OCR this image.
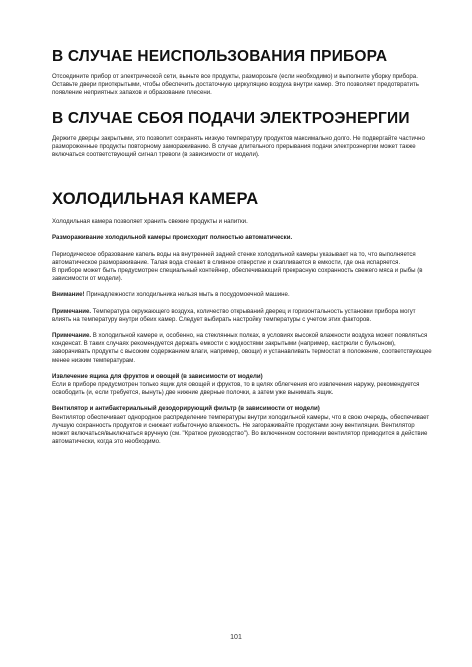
В СЛУЧАЕ НЕИСПОЛЬЗОВАНИЯ ПРИБОРА

Отсоедините прибор от электрической сети, выньте все продукты, разморозьте (если необходимо) и выполните уборку прибора. Оставьте двери приоткрытыми, чтобы обеспечить достаточную циркуляцию воздуха внутри камер. Это позволяет предотвратить появление неприятных запахов и образование плесени.

В СЛУЧАЕ СБОЯ ПОДАЧИ ЭЛЕКТРОЭНЕРГИИ

Держите дверцы закрытыми, это позволит сохранять низкую температуру продуктов максимально долго. Не подвергайте частично размороженные продукты повторному замораживанию. В случае длительного прерывания подачи электроэнергии может также включаться соответствующий сигнал тревоги (в зависимости от модели).

ХОЛОДИЛЬНАЯ КАМЕРА

Холодильная камера позволяет хранить свежие продукты и напитки.

Размораживание холодильной камеры происходит полностью автоматически.

Периодическое образование капель воды на внутренней задней стенке холодильной камеры указывает на то, что выполняется автоматическое размораживание. Талая вода стекает в сливное отверстие и скапливается в емкости, где она испаряется.

В приборе может быть предусмотрен специальный контейнер, обеспечивающий прекрасную сохранность свежего мяса и рыбы (в зависимости от модели).

Внимание! Принадлежности холодильника нельзя мыть в посудомоечной машине.

Примечание. Температура окружающего воздуха, количество открываний дверец и горизонтальность установки прибора могут влиять на температуру внутри обеих камер. Следует выбирать настройку температуры с учетом этих факторов.

Примечание. В холодильной камере и, особенно, на стеклянных полках, в условиях высокой влажности воздуха может появляться конденсат. В таких случаях рекомендуется держать емкости с жидкостями закрытыми (например, кастрюли с бульоном), заворачивать продукты с высоким содержанием влаги, например, овощи) и устанавливать термостат в положение, соответствующее менее низким температурам.

Извлечение ящика для фруктов и овощей (в зависимости от модели)

Если в приборе предусмотрен только ящик для овощей и фруктов, то в целях облегчения его извлечения наружу, рекомендуется освободить (и, если требуется, вынуть) две нижние дверные полочки, а затем уже вынимать ящик.

Вентилятор и антибактериальный дезодорирующий фильтр (в зависимости от модели)

Вентилятор обеспечивает однородное распределение температуры внутри холодильной камеры, что в свою очередь, обеспечивает лучшую сохранность продуктов и снижает избыточную влажность. Не загораживайте продуктами зону вентиляции. Вентилятор может включаться/выключаться вручную (см. "Краткое руководство"). Во включенном состоянии вентилятор приводится в действие автоматически, когда это необходимо.

101
